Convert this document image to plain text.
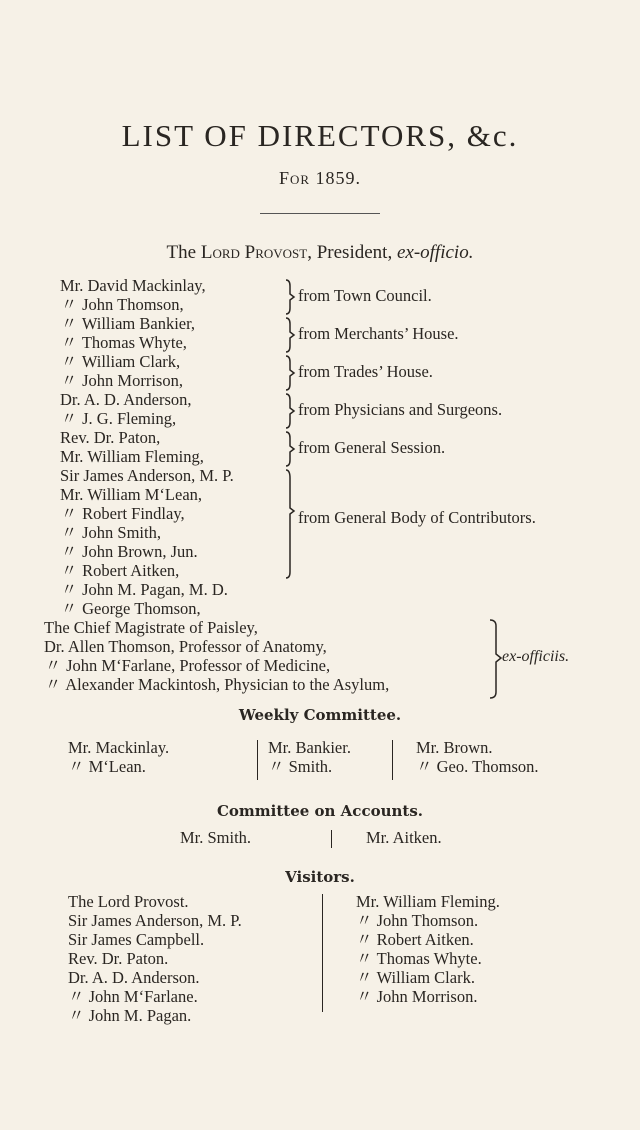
LIST OF DIRECTORS, &c.
For 1859.
The Lord Provost, President, ex-officio.
Mr. David Mackinlay,
〃 John Thomson,
〃 William Bankier,
〃 Thomas Whyte,
〃 William Clark,
〃 John Morrison,
Dr. A. D. Anderson,
〃 J. G. Fleming,
Rev. Dr. Paton,
Mr. William Fleming,
Sir James Anderson, M. P.
Mr. William M‘Lean,
〃 Robert Findlay,
〃 John Smith,
〃 John Brown, Jun.
〃 Robert Aitken,
〃 John M. Pagan, M. D.
〃 George Thomson,
from Town Council.
from Merchants’ House.
from Trades’ House.
from Physicians and Surgeons.
from General Session.
from General Body of Contributors.
The Chief Magistrate of Paisley,
Dr. Allen Thomson, Professor of Anatomy,
〃 John M‘Farlane, Professor of Medicine,
〃 Alexander Mackintosh, Physician to the Asylum,
ex-officiis.
Weekly Committee.
Mr. Mackinlay.
〃 M‘Lean.
Mr. Bankier.
〃 Smith.
Mr. Brown.
〃 Geo. Thomson.
Committee on Accounts.
Mr. Smith.	Mr. Aitken.
Visitors.
The Lord Provost.
Sir James Anderson, M. P.
Sir James Campbell.
Rev. Dr. Paton.
Dr. A. D. Anderson.
〃 John M‘Farlane.
〃 John M. Pagan.
Mr. William Fleming.
〃 John Thomson.
〃 Robert Aitken.
〃 Thomas Whyte.
〃 William Clark.
〃 John Morrison.
